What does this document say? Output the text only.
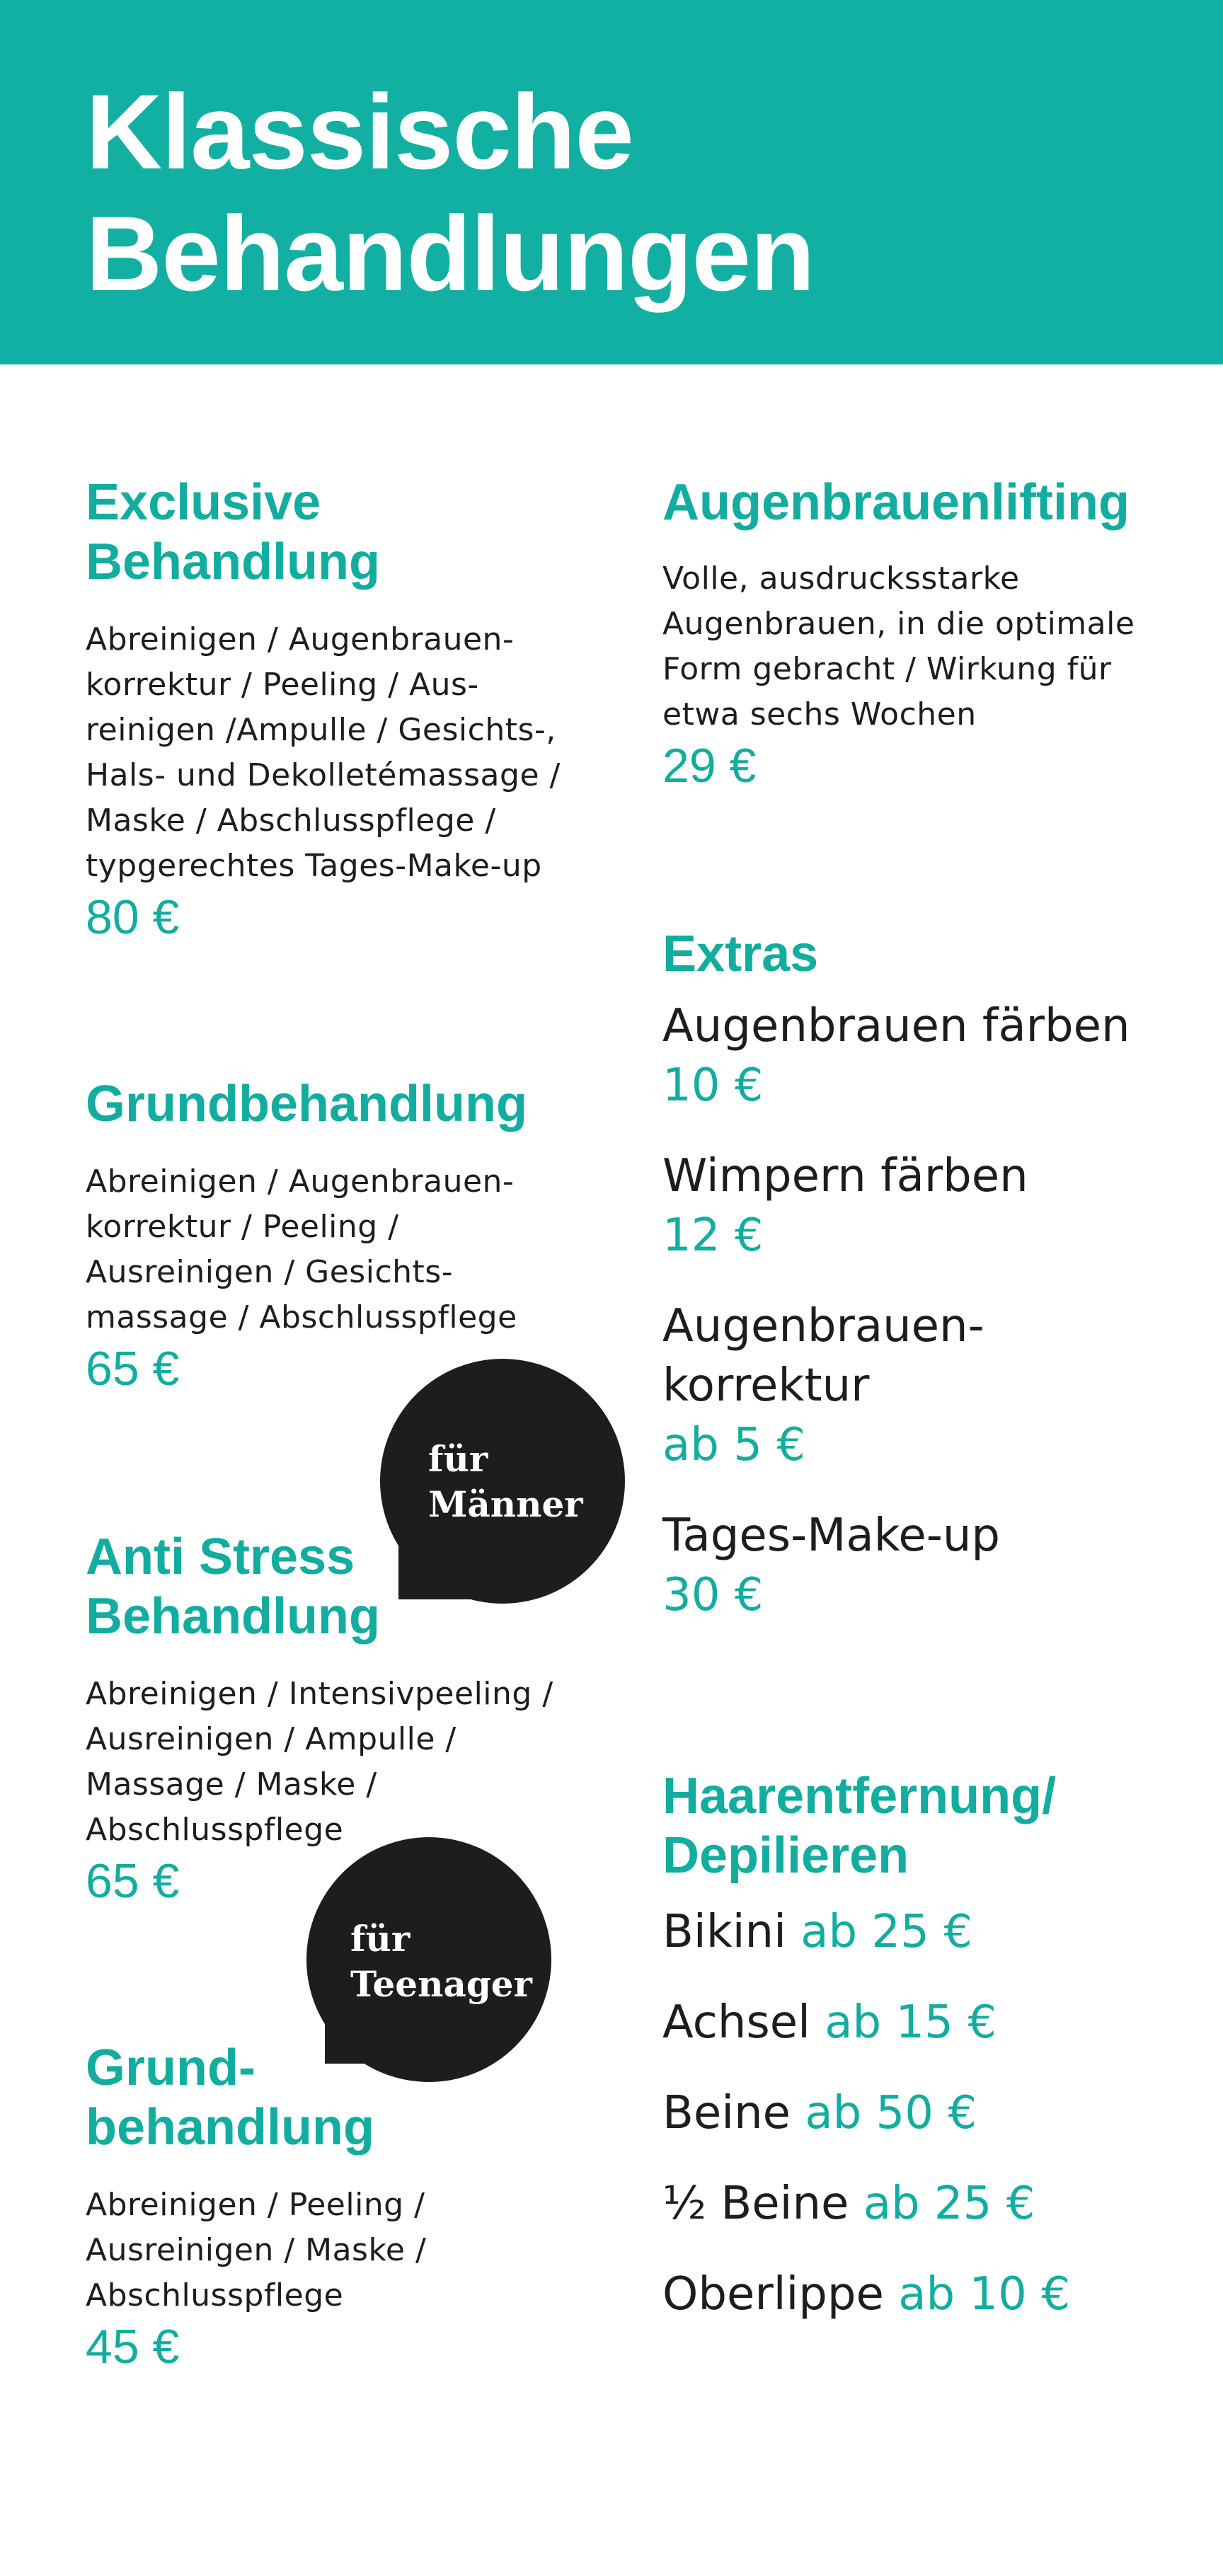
Klassische
Behandlungen
Exclusive
Behandlung

Abreinigen / Augenbrauen-
korrektur / Peeling / Aus-
reinigen /Ampulle / Gesichts-,
Hals- und Dekolletémassage /
Maske / Abschlusspflege /
typgerechtes Tages-Make-up

80 €
Grundbehandlung

Abreinigen / Augenbrauen-
korrektur / Peeling /
Ausreinigen / Gesichts-
massage / Abschlusspflege

65 €
für
Männer
Anti Stress
Behandlung

Abreinigen / Intensivpeeling /
Ausreinigen / Ampulle /
Massage / Maske /
Abschlusspflege

65 €
für
Teenager
Grund-
behandlung

Abreinigen / Peeling /
Ausreinigen / Maske /
Abschlusspflege

45 €
Augenbrauenlifting

Volle, ausdrucksstarke
Augenbrauen, in die optimale
Form gebracht / Wirkung für
etwa sechs Wochen

29 €
Extras
Augenbrauen färben
10 €
Wimpern färben
12 €
Augenbrauen-
korrektur
ab 5 €
Tages-Make-up
30 €
Haarentfernung/
Depilieren
Bikini ab 25 €
Achsel ab 15 €
Beine ab 50 €
½ Beine ab 25 €
Oberlippe ab 10 €
